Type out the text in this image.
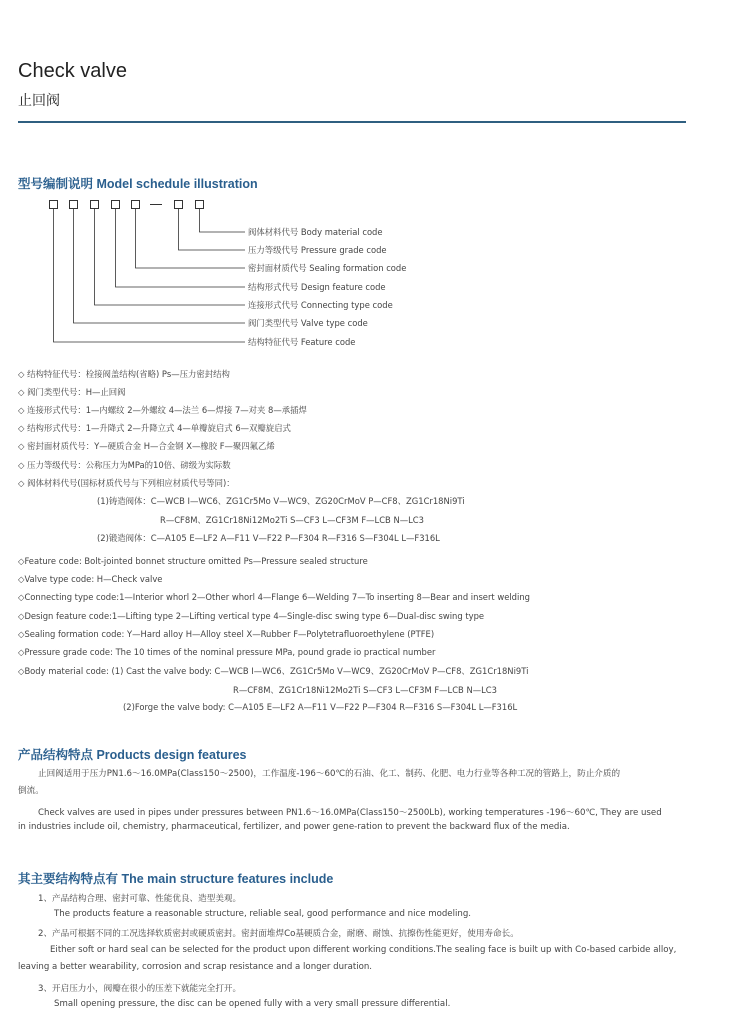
Check valve
止回阀
型号编制说明 Model schedule illustration
阀体材料代号 Body material code
压力等级代号 Pressure grade code
密封面材质代号 Sealing formation code
结构形式代号 Design feature code
连接形式代号 Connecting type code
阀门类型代号 Valve type code
结构特征代号 Feature code
◇ 结构特征代号：栓接阀盖结构(省略) Ps—压力密封结构
◇ 阀门类型代号：H—止回阀
◇ 连接形式代号：1—内螺纹 2—外螺纹 4—法兰 6—焊接 7—对夹 8—承插焊
◇ 结构形式代号：1—升降式 2—升降立式 4—单瓣旋启式 6—双瓣旋启式
◇ 密封面材质代号：Y—硬质合金 H—合金钢 X—橡胶 F—聚四氟乙烯
◇ 压力等级代号：公称压力为MPa的10倍、磅级为实际数
◇ 阀体材料代号(国标材质代号与下列相应材质代号等同)：
(1)铸造阀体：C—WCB I—WC6、ZG1Cr5Mo V—WC9、ZG20CrMoV P—CF8、ZG1Cr18Ni9Ti
R—CF8M、ZG1Cr18Ni12Mo2Ti S—CF3 L—CF3M F—LCB N—LC3
(2)锻造阀体：C—A105 E—LF2 A—F11 V—F22 P—F304 R—F316 S—F304L L—F316L
◇Feature code: Bolt-jointed bonnet structure omitted Ps—Pressure sealed structure
◇Valve type code: H—Check valve
◇Connecting type code:1—Interior whorl 2—Other whorl 4—Flange 6—Welding 7—To inserting 8—Bear and insert welding
◇Design feature code:1—Lifting type 2—Lifting vertical type 4—Single-disc swing type 6—Dual-disc swing type
◇Sealing formation code: Y—Hard alloy H—Alloy steel X—Rubber F—Polytetrafluoroethylene (PTFE)
◇Pressure grade code: The 10 times of the nominal pressure MPa, pound grade io practical number
◇Body material code: (1) Cast the valve body: C—WCB I—WC6、ZG1Cr5Mo V—WC9、ZG20CrMoV P—CF8、ZG1Cr18Ni9Ti
R—CF8M、ZG1Cr18Ni12Mo2Ti S—CF3 L—CF3M F—LCB N—LC3
(2)Forge the valve body: C—A105 E—LF2 A—F11 V—F22 P—F304 R—F316 S—F304L L—F316L
产品结构特点 Products design features
止回阀适用于压力PN1.6～16.0MPa(Class150～2500)，工作温度-196～60℃的石油、化工、制药、化肥、电力行业等各种工况的管路上，防止介质的
倒流。
Check valves are used in pipes under pressures between PN1.6～16.0MPa(Class150～2500Lb), working temperatures -196～60℃, They are used
in industries include oil, chemistry, pharmaceutical, fertilizer, and power gene-ration to prevent the backward flux of the media.
其主要结构特点有 The main structure features include
1、产品结构合理、密封可靠、性能优良、造型美观。
The products feature a reasonable structure, reliable seal, good performance and nice modeling.
2、产品可根据不同的工况选择软质密封或硬质密封。密封面堆焊Co基硬质合金，耐磨、耐蚀、抗擦伤性能更好，使用寿命长。
Either soft or hard seal can be selected for the product upon different working conditions.The sealing face is built up with Co-based carbide alloy,
leaving a better wearability, corrosion and scrap resistance and a longer duration.
3、开启压力小，阀瓣在很小的压差下就能完全打开。
Small opening pressure, the disc can be opened fully with a very small pressure differential.
